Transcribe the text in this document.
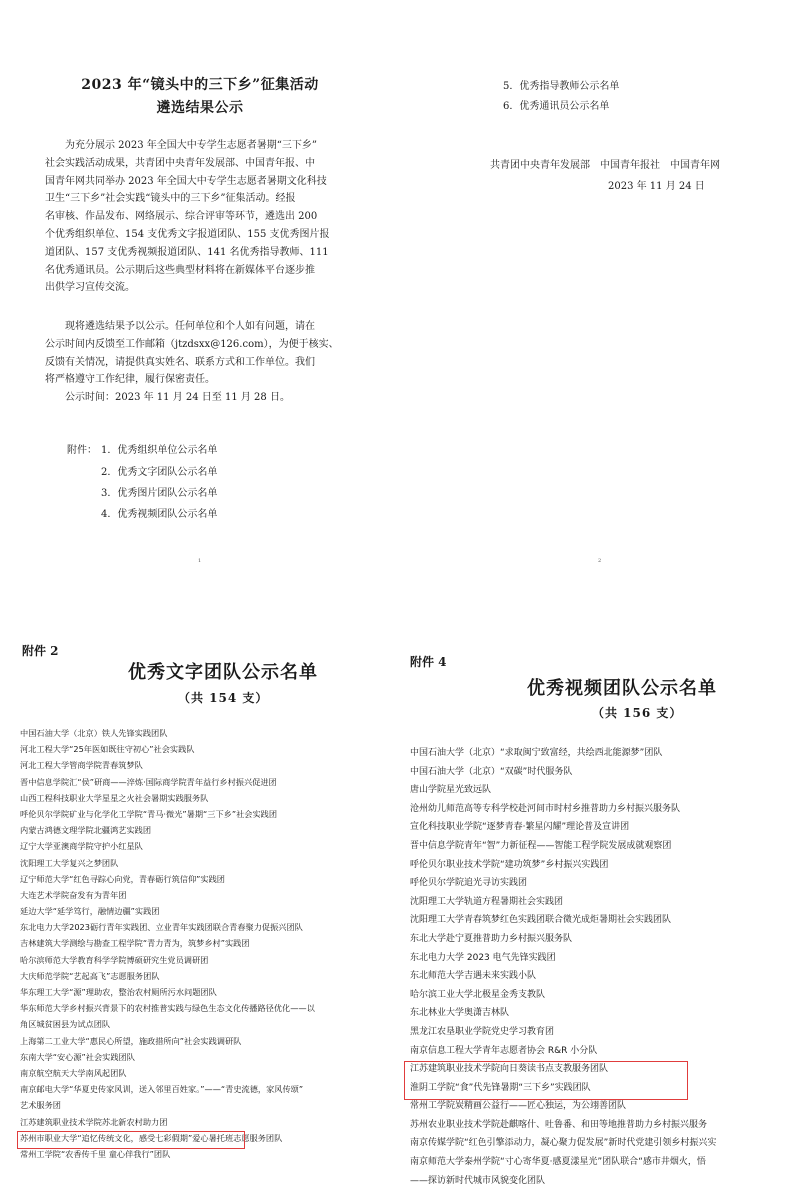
2023 年“镜头中的三下乡”征集活动
遴选结果公示
　　为充分展示 2023 年全国大中专学生志愿者暑期“三下乡”
社会实践活动成果，共青团中央青年发展部、中国青年报、中
国青年网共同举办 2023 年全国大中专学生志愿者暑期文化科技
卫生“三下乡”社会实践“镜头中的三下乡”征集活动。经报
名审核、作品发布、网络展示、综合评审等环节，遴选出 200
个优秀组织单位、154 支优秀文字报道团队、155 支优秀图片报
道团队、157 支优秀视频报道团队、141 名优秀指导教师、111
名优秀通讯员。公示期后这些典型材料将在新媒体平台逐步推
出供学习宣传交流。
　　现将遴选结果予以公示。任何单位和个人如有问题，请在
公示时间内反馈至工作邮箱（jtzdsxx@126.com），为便于核实、
反馈有关情况，请提供真实姓名、联系方式和工作单位。我们
将严格遵守工作纪律，履行保密责任。
　　公示时间：2023 年 11 月 24 日至 11 月 28 日。
附件： 1．优秀组织单位公示名单
2．优秀文字团队公示名单
3．优秀图片团队公示名单
4．优秀视频团队公示名单
1
5．优秀指导教师公示名单
6．优秀通讯员公示名单
共青团中央青年发展部　中国青年报社　中国青年网
2023 年 11 月 24 日
2
附件 2
优秀文字团队公示名单
（共 154 支）
中国石油大学（北京）铁人先锋实践团队
河北工程大学“25年医如既往守初心”社会实践队
河北工程大学管商学院青春筑梦队
晋中信息学院汇“侯”研商——淬炼·国际商学院青年益行乡村振兴促进团
山西工程科技职业大学星星之火社会暑期实践服务队
呼伦贝尔学院矿业与化学化工学院“青马·微光”暑期“三下乡”社会实践团
内蒙古鸿德文理学院北疆鸿艺实践团
辽宁大学亚澳商学院守护小红星队
沈阳理工大学复兴之梦团队
辽宁师范大学“红色寻踪心向党，青春砺行筑信仰”实践团
大连艺术学院奋发有为青年团
延边大学“延学笃行，融情边疆”实践团
东北电力大学2023砺行青年实践团、立业青年实践团联合青春聚力促振兴团队
吉林建筑大学测绘与勘查工程学院“青力青为，筑梦乡村”实践团
哈尔滨师范大学教育科学学院博硕研究生党员调研团
大庆师范学院“艺起高飞”志愿服务团队
华东理工大学“源”理助农，整治农村厕所污水问题团队
华东师范大学乡村振兴背景下的农村推普实践与绿色生态文化传播路径优化——以
角区城贫困县为试点团队
上海第二工业大学“惠民心所望，施政措所向”社会实践调研队
东南大学“安心源”社会实践团队
南京航空航天大学南风起团队
南京邮电大学“华夏史传家风训，送入邻里百姓家。”——“青史流德，家风传颂”
艺术服务团
江苏建筑职业技术学院苏北新农村助力团
苏州市职业大学“追忆传统文化，感受七彩假期”爱心暑托班志愿服务团队
常州工学院“农香传千里 童心伴我行”团队
附件 4
优秀视频团队公示名单
（共 156 支）
中国石油大学（北京）“求取闽宁致富经，共绘西北能源梦”团队
中国石油大学（北京）“双碳”时代服务队
唐山学院星光致远队
沧州幼儿师范高等专科学校赴河间市时村乡推普助力乡村振兴服务队
宣化科技职业学院“逐梦青春·繁星闪耀”理论普及宣讲团
晋中信息学院青年“智”力新征程——智能工程学院发展成就观察团
呼伦贝尔职业技术学院“建功筑梦”乡村振兴实践团
呼伦贝尔学院追光寻访实践团
沈阳理工大学轨道方程暑期社会实践团
沈阳理工大学青春筑梦红色实践团联合微光成炬暑期社会实践团队
东北大学赴宁夏推普助力乡村振兴服务队
东北电力大学 2023 电气先锋实践团
东北师范大学吉遇未来实践小队
哈尔滨工业大学北极星金秀支教队
东北林业大学奥潇吉林队
黑龙江农垦职业学院党史学习教育团
南京信息工程大学青年志愿者协会 R&R 小分队
江苏建筑职业技术学院向日葵读书点支教服务团队
淮阴工学院“食”代先锋暑期“三下乡”实践团队
常州工学院炭精画公益行——匠心独运，为公翊善团队
苏州农业职业技术学院赴麒喀什、吐鲁番、和田等地推普助力乡村振兴服务
南京传媒学院“红色引擎添动力，凝心聚力促发展”新时代党建引领乡村振兴实
南京师范大学泰州学院“寸心寄华夏·感夏漾星光”团队联合“感市井烟火，悟
——探访新时代城市风貌变化团队
